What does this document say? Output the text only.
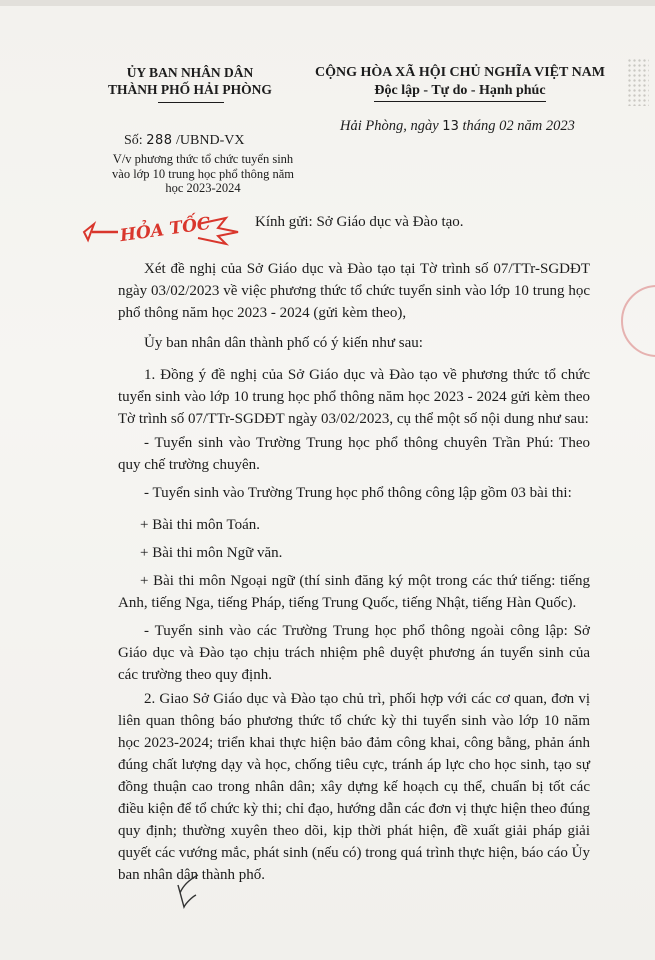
ỦY BAN NHÂN DÂN
THÀNH PHỐ HẢI PHÒNG
CỘNG HÒA XÃ HỘI CHỦ NGHĨA VIỆT NAM
Độc lập - Tự do - Hạnh phúc
Số: 288 /UBND-VX
V/v phương thức tổ chức tuyển sinh vào lớp 10 trung học phổ thông năm học 2023-2024
Hải Phòng, ngày 13 tháng 02 năm 2023
HỎA TỐC	Kính gửi: Sở Giáo dục và Đào tạo.

Xét đề nghị của Sở Giáo dục và Đào tạo tại Tờ trình số 07/TTr-SGDĐT ngày 03/02/2023 về việc phương thức tổ chức tuyển sinh vào lớp 10 trung học phổ thông năm học 2023 - 2024 (gửi kèm theo),

Ủy ban nhân dân thành phố có ý kiến như sau:

1. Đồng ý đề nghị của Sở Giáo dục và Đào tạo về phương thức tổ chức tuyển sinh vào lớp 10 trung học phổ thông năm học 2023 - 2024 gửi kèm theo Tờ trình số 07/TTr-SGDĐT ngày 03/02/2023, cụ thể một số nội dung như sau:

- Tuyển sinh vào Trường Trung học phổ thông chuyên Trần Phú: Theo quy chế trường chuyên.

- Tuyển sinh vào Trường Trung học phổ thông công lập gồm 03 bài thi:

+ Bài thi môn Toán.

+ Bài thi môn Ngữ văn.

+ Bài thi môn Ngoại ngữ (thí sinh đăng ký một trong các thứ tiếng: tiếng Anh, tiếng Nga, tiếng Pháp, tiếng Trung Quốc, tiếng Nhật, tiếng Hàn Quốc).

- Tuyển sinh vào các Trường Trung học phổ thông ngoài công lập: Sở Giáo dục và Đào tạo chịu trách nhiệm phê duyệt phương án tuyển sinh của các trường theo quy định.

2. Giao Sở Giáo dục và Đào tạo chủ trì, phối hợp với các cơ quan, đơn vị liên quan thông báo phương thức tổ chức kỳ thi tuyển sinh vào lớp 10 năm học 2023-2024; triển khai thực hiện bảo đảm công khai, công bằng, phản ánh đúng chất lượng dạy và học, chống tiêu cực, tránh áp lực cho học sinh, tạo sự đồng thuận cao trong nhân dân; xây dựng kế hoạch cụ thể, chuẩn bị tốt các điều kiện để tổ chức kỳ thi; chỉ đạo, hướng dẫn các đơn vị thực hiện theo đúng quy định; thường xuyên theo dõi, kịp thời phát hiện, đề xuất giải pháp giải quyết các vướng mắc, phát sinh (nếu có) trong quá trình thực hiện, báo cáo Ủy ban nhân dân thành phố.
